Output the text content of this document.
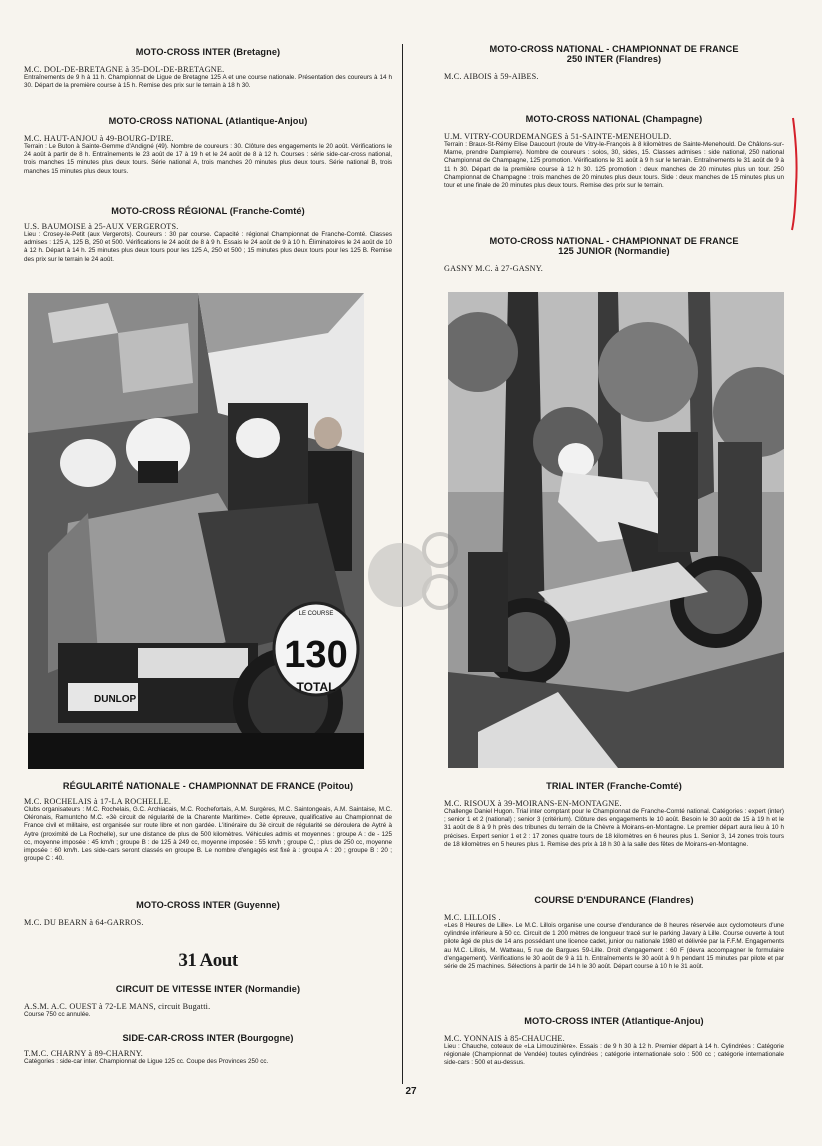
MOTO-CROSS INTER (Bretagne)

M.C. DOL-DE-BRETAGNE à 35-DOL-DE-BRETAGNE.

Entraînements de 9 h à 11 h. Championnat de Ligue de Bretagne 125 A et une course nationale. Présentation des coureurs à 14 h 30. Départ de la première course à 15 h. Remise des prix sur le terrain à 18 h 30.

MOTO-CROSS NATIONAL (Atlantique-Anjou)

M.C. HAUT-ANJOU à 49-BOURG-D'IRE.

Terrain : Le Buton à Sainte-Gemme d'Andigné (49). Nombre de coureurs : 30. Clôture des engagements le 20 août. Vérifications le 24 août à partir de 8 h. Entraînements le 23 août de 17 à 19 h et le 24 août de 8 à 12 h. Courses : série side-car-cross national, trois manches 15 minutes plus deux tours. Série national A, trois manches 20 minutes plus deux tours. Série national B, trois manches 15 minutes plus deux tours.

MOTO-CROSS RÉGIONAL (Franche-Comté)

U.S. BAUMOISE à 25-AUX VERGEROTS.

Lieu : Crosey-le-Petit (aux Vergerots). Coureurs : 30 par course. Capacité : régional Championnat de Franche-Comté. Classes admises : 125 A, 125 B, 250 et 500. Vérifications le 24 août de 8 à 9 h. Essais le 24 août de 9 à 10 h. Éliminatoires le 24 août de 10 à 12 h. Départ à 14 h. 25 minutes plus deux tours pour les 125 A, 250 et 500 ; 15 minutes plus deux tours pour les 125 B. Remise des prix sur le terrain le 24 août.

130
TOTAL
LE COURSE
DUNLOP

RÉGULARITÉ NATIONALE - CHAMPIONNAT DE FRANCE (Poitou)

M.C. ROCHELAIS à 17-LA ROCHELLE.

Clubs organisateurs : M.C. Rochelais, G.C. Archiacais, M.C. Rochefortais, A.M. Surgères, M.C. Saintongeais, A.M. Saintaise, M.C. Oléronais, Ramuntcho M.C. «3è circuit de régularité de la Charente Maritime». Cette épreuve, qualificative au Championnat de France civil et militaire, est organisée sur route libre et non gardée. L'itinéraire du 3è circuit de régularité se déroulera de Aytré à Aytre (proximité de La Rochelle), sur une distance de plus de 500 kilomètres. Véhicules admis et moyennes : groupe A : de - 125 cc, moyenne imposée : 45 km/h ; groupe B : de 125 à 249 cc, moyenne imposée : 55 km/h ; groupe C, : plus de 250 cc, moyenne imposée : 60 km/h. Les side-cars seront classés en groupe B. Le nombre d'engagés est fixé à : groupa A : 20 ; groupe B : 20 ; groupe C : 40.

MOTO-CROSS INTER (Guyenne)

M.C. DU BEARN à 64-GARROS.

31 Aout

CIRCUIT DE VITESSE INTER (Normandie)

A.S.M. A.C. OUEST à 72-LE MANS, circuit Bugatti.

Course 750 cc annulée.

SIDE-CAR-CROSS INTER (Bourgogne)

T.M.C. CHARNY à 89-CHARNY.

Catégories : side-car inter. Championnat de Ligue 125 cc. Coupe des Provinces 250 cc.

MOTO-CROSS NATIONAL - CHAMPIONNAT DE FRANCE

250 INTER (Flandres)

M.C. AIBOIS à 59-AIBES.

MOTO-CROSS NATIONAL (Champagne)

U.M. VITRY-COURDEMANGES à 51-SAINTE-MENEHOULD.

Terrain : Braux-St-Rémy Elise Daucourt (route de Vitry-le-François à 8 kilomètres de Sainte-Menehould. De Châlons-sur-Marne, prendre Dampierre). Nombre de coureurs : solos, 30, sides, 15. Classes admises : side national, 250 national Championnat de Champagne, 125 promotion. Vérifications le 31 août à 9 h sur le terrain. Entraînements le 31 août de 9 à 11 h 30. Départ de la première course à 12 h 30. 125 promotion : deux manches de 20 minutes plus un tour. 250 Championnat de Champagne : trois manches de 20 minutes plus deux tours. Side : deux manches de 15 minutes plus un tour et une finale de 20 minutes plus deux tours. Remise des prix sur le terrain.

MOTO-CROSS NATIONAL - CHAMPIONNAT DE FRANCE

125 JUNIOR (Normandie)

GASNY M.C. à 27-GASNY.

TRIAL INTER (Franche-Comté)

M.C. RISOUX à 39-MOIRANS-EN-MONTAGNE.

Challenge Daniel Hugon. Trial inter comptant pour le Championnat de Franche-Comté national. Catégories : expert (inter) ; senior 1 et 2 (national) ; senior 3 (critérium). Clôture des engagements le 10 août. Besoin le 30 août de 15 à 19 h et le 31 août de 8 à 9 h près des tribunes du terrain de la Chèvre à Moirans-en-Montagne. Le premier départ aura lieu à 10 h précises. Expert senior 1 et 2 : 17 zones quatre tours de 18 kilomètres en 6 heures plus 1. Senior 3, 14 zones trois tours de 18 kilomètres en 5 heures plus 1. Remise des prix à 18 h 30 à la salle des fêtes de Moirans-en-Montagne.

COURSE D'ENDURANCE (Flandres)

M.C. LILLOIS .

«Les 8 Heures de Lille». Le M.C. Lillois organise une course d'endurance de 8 heures réservée aux cyclomoteurs d'une cylindrée inférieure à 50 cc. Circuit de 1 200 mètres de longueur tracé sur le parking Javary à Lille. Course ouverte à tout pilote âgé de plus de 14 ans possédant une licence cadet, junior ou nationale 1980 et délivrée par la F.F.M. Engagements au M.C. Lillois, M. Watteau, 5 rue de Bargues 59-Lille. Droit d'engagement : 60 F (devra accompagner le formulaire d'engagement). Vérifications le 30 août de 9 à 11 h. Entraînements le 30 août à 9 h pendant 15 minutes par pilote et par série de 25 machines. Sélections à partir de 14 h le 30 août. Départ course à 10 h le 31 août.

MOTO-CROSS INTER (Atlantique-Anjou)

M.C. YONNAIS à 85-CHAUCHE.

Lieu : Chauche, coteaux de «La Limouzinière». Essais : de 9 h 30 à 12 h. Premier départ à 14 h. Cylindrées : Catégorie régionale (Championnat de Vendée) toutes cylindrées ; catégorie internationale solo : 500 cc ; catégorie internationale side-cars : 500 et au-dessus.

27
